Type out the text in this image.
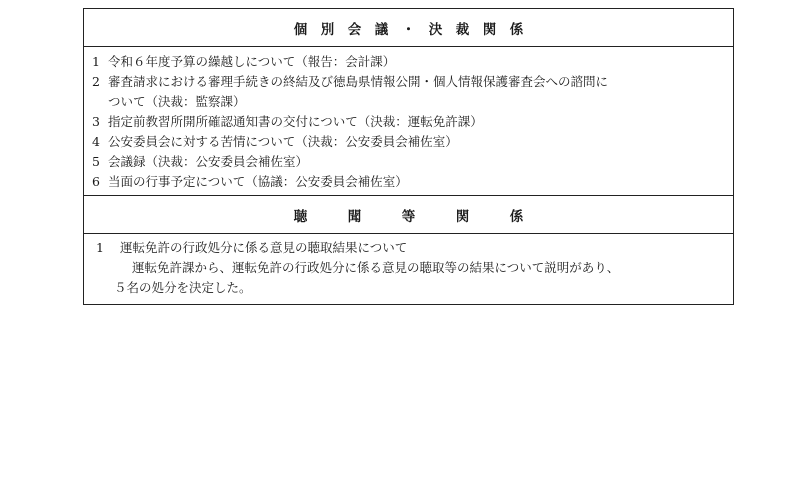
個　別　会　議　・　決　裁　関　係
1 令和６年度予算の繰越しについて（報告：会計課）
2 審査請求における審理手続きの終結及び徳島県情報公開・個人情報保護審査会への諮問に
ついて（決裁：監察課）
3 指定前教習所開所確認通知書の交付について（決裁：運転免許課）
4 公安委員会に対する苦情について（決裁：公安委員会補佐室）
5 会議録（決裁：公安委員会補佐室）
6 当面の行事予定について（協議：公安委員会補佐室）
聴　　　聞　　　等　　　関　　　係
1	運転免許の行政処分に係る意見の聴取結果について
運転免許課から、運転免許の行政処分に係る意見の聴取等の結果について説明があり、
５名の処分を決定した。
